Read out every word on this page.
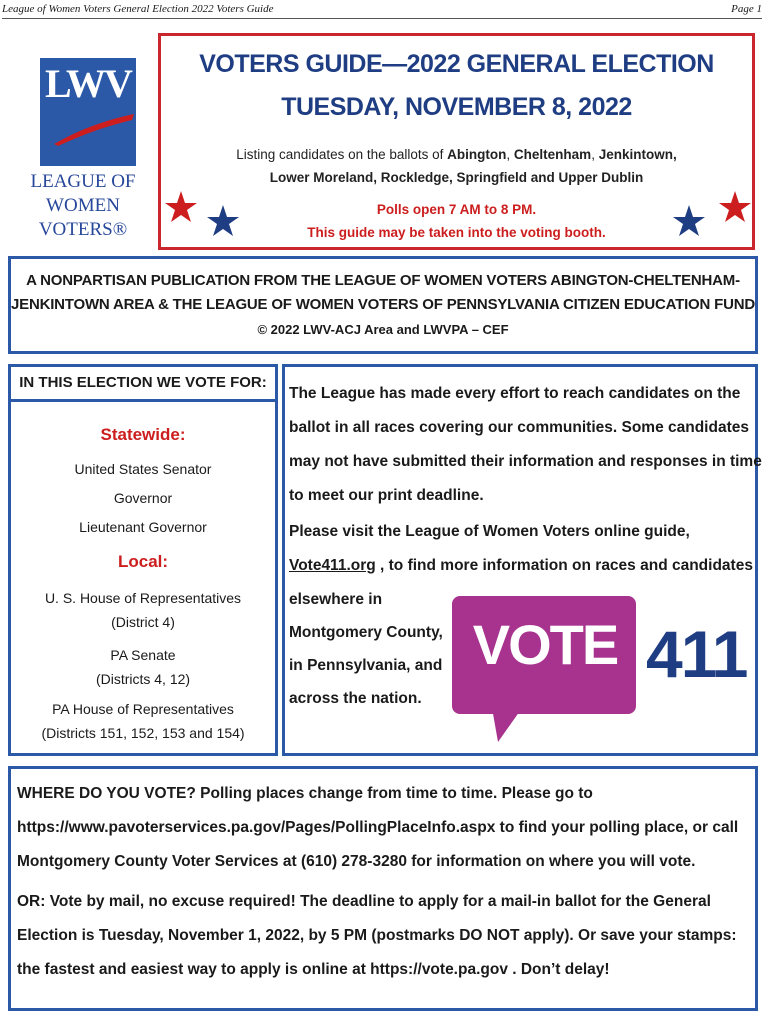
League of Women Voters General Election 2022 Voters Guide	Page 1
LWV
LEAGUE OF
WOMEN VOTERS®
VOTERS GUIDE—2022 GENERAL ELECTION
TUESDAY, NOVEMBER 8, 2022
Listing candidates on the ballots of Abington, Cheltenham, Jenkintown,
Lower Moreland, Rockledge, Springfield and Upper Dublin
Polls open 7 AM to 8 PM.
This guide may be taken into the voting booth.
A NONPARTISAN PUBLICATION FROM THE LEAGUE OF WOMEN VOTERS ABINGTON-CHELTENHAM-
JENKINTOWN AREA & THE LEAGUE OF WOMEN VOTERS OF PENNSYLVANIA CITIZEN EDUCATION FUND
© 2022 LWV-ACJ Area and LWVPA – CEF
IN THIS ELECTION WE VOTE FOR:
Statewide:
United States Senator
Governor
Lieutenant Governor
Local:
U. S. House of Representatives
(District 4)
PA Senate
(Districts 4, 12)
PA House of Representatives
(Districts 151, 152, 153 and 154)
The League has made every effort to reach candidates on the
ballot in all races covering our communities. Some candidates
may not have submitted their information and responses in time
to meet our print deadline.
Please visit the League of Women Voters online guide,
Vote411.org , to find more information on races and candidates
elsewhere in
Montgomery County,
in Pennsylvania, and
across the nation.
VOTE 411
WHERE DO YOU VOTE? Polling places change from time to time. Please go to
https://www.pavoterservices.pa.gov/Pages/PollingPlaceInfo.aspx to find your polling place, or call
Montgomery County Voter Services at (610) 278-3280 for information on where you will vote.
OR: Vote by mail, no excuse required! The deadline to apply for a mail-in ballot for the General
Election is Tuesday, November 1, 2022, by 5 PM (postmarks DO NOT apply). Or save your stamps:
the fastest and easiest way to apply is online at https://vote.pa.gov . Don’t delay!
